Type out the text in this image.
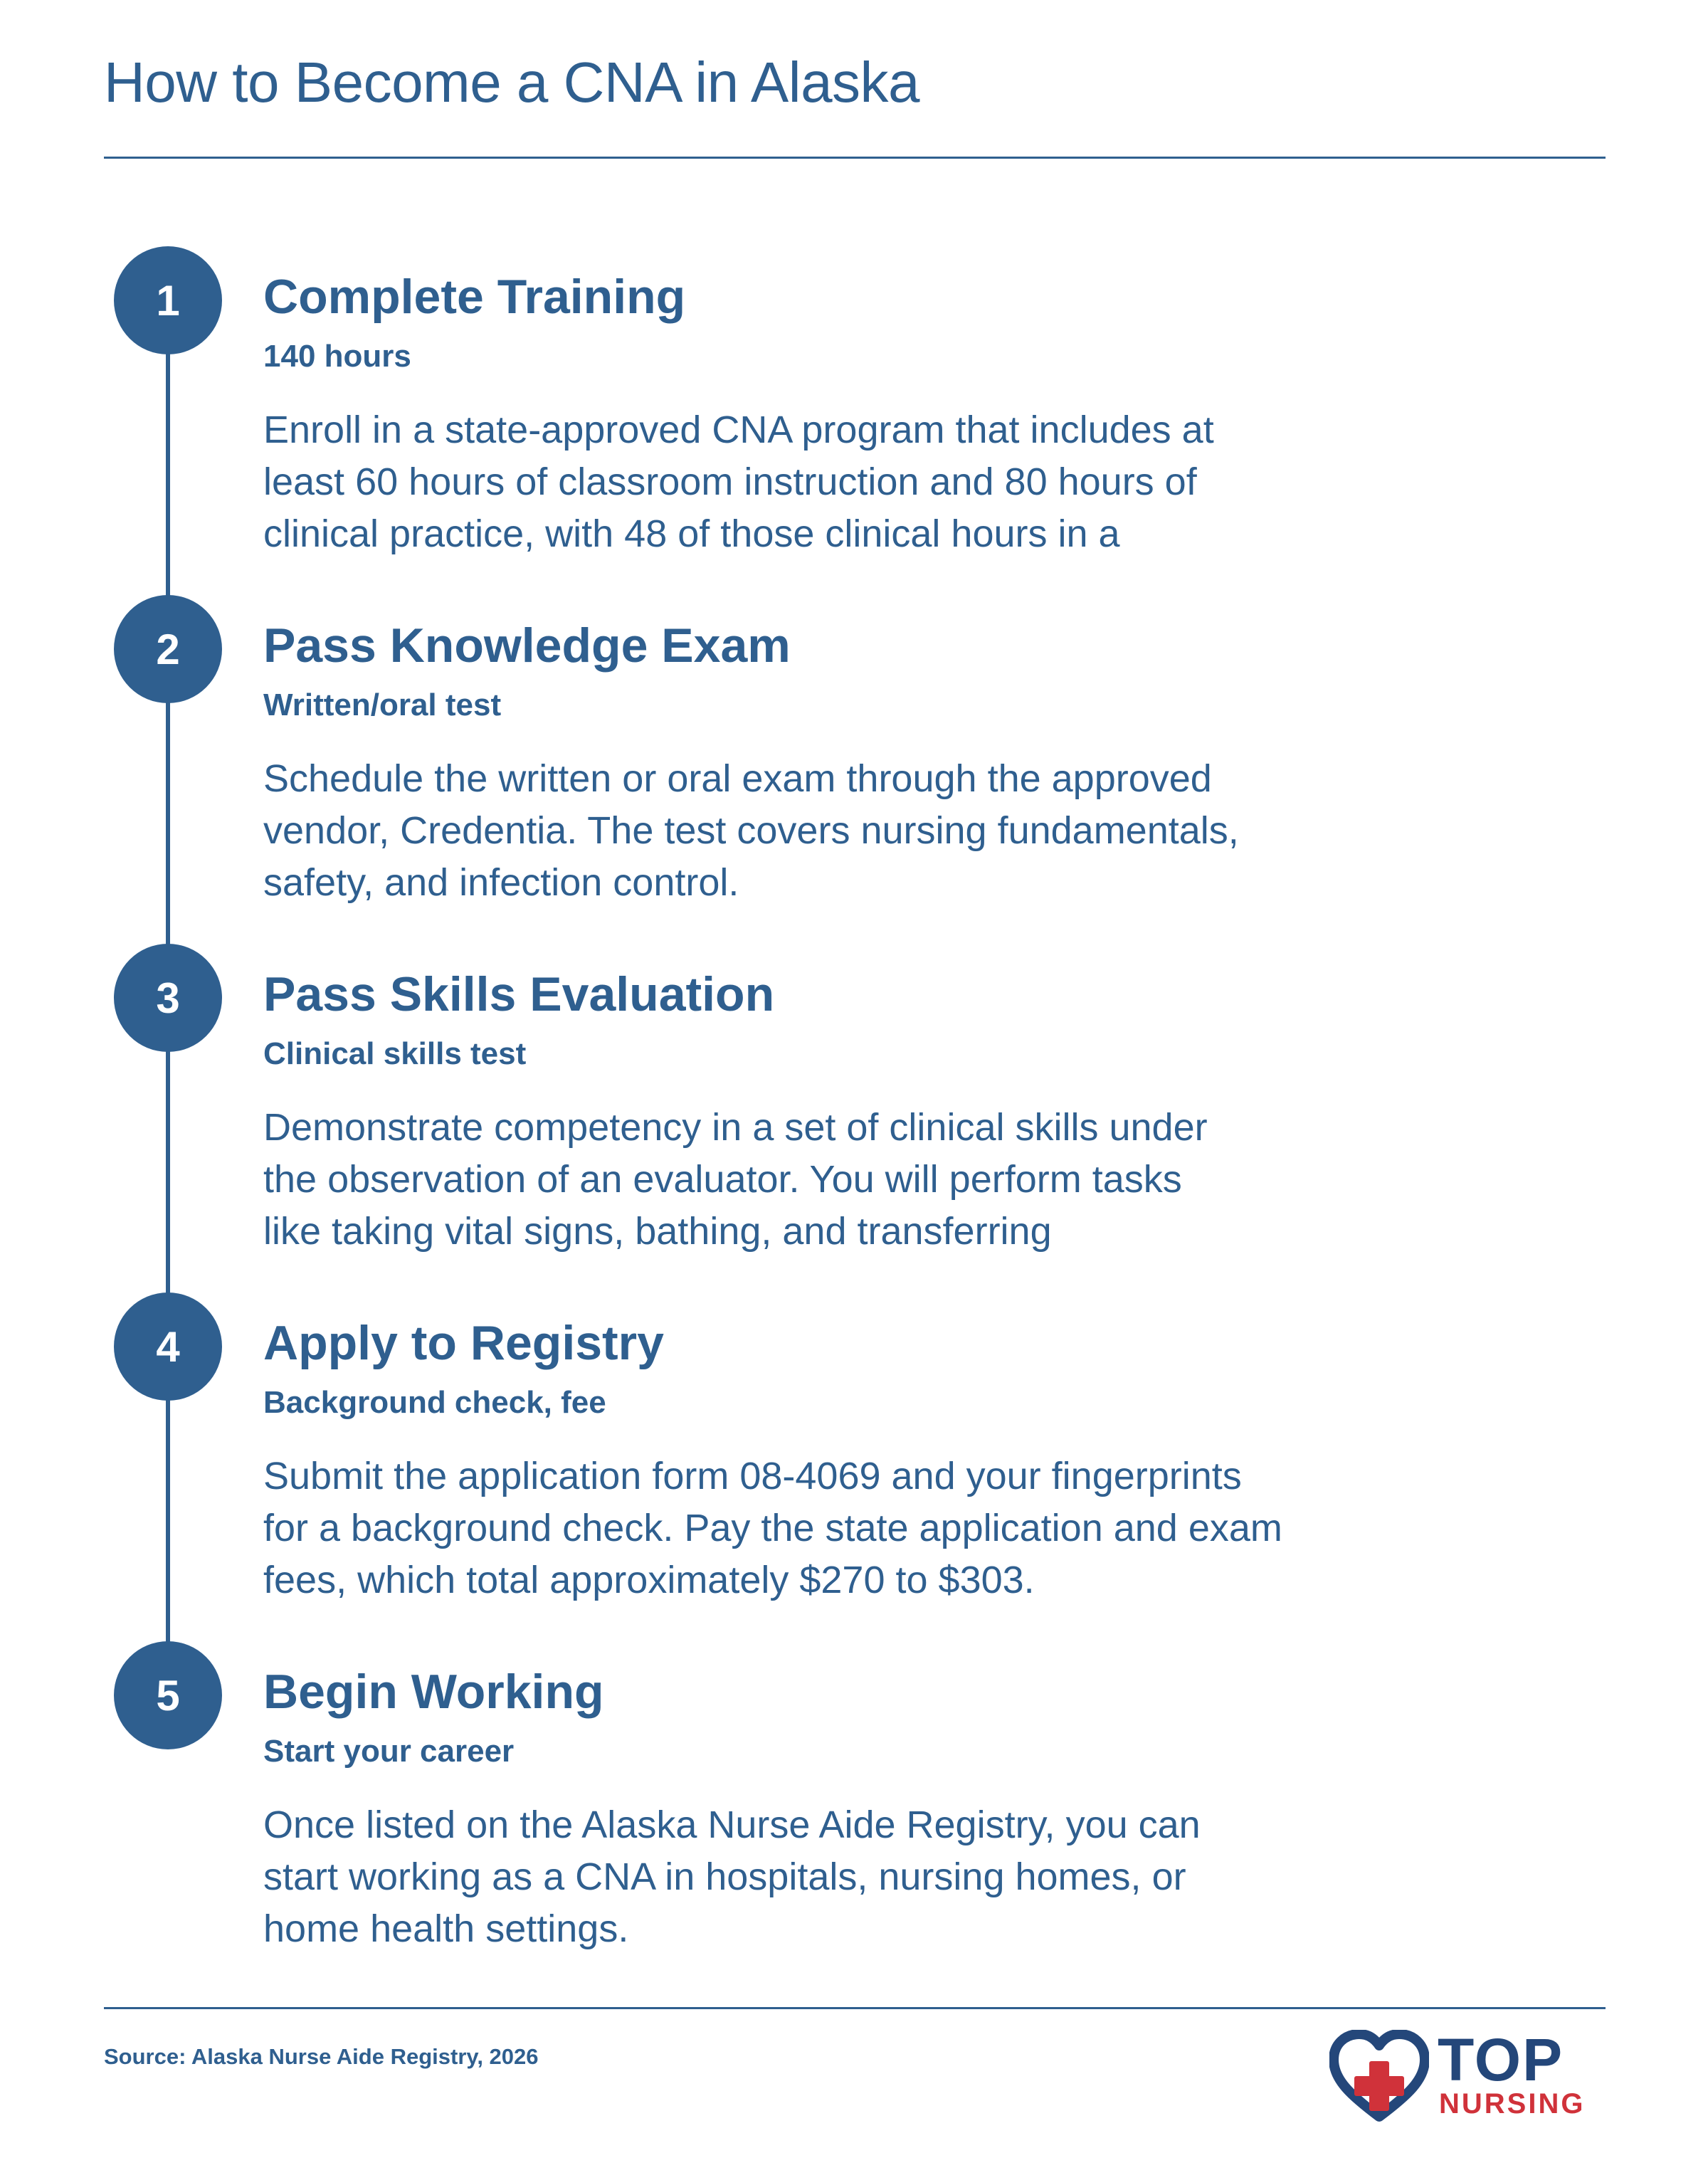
How to Become a CNA in Alaska
1	Complete Training
140 hours
Enroll in a state-approved CNA program that includes at
least 60 hours of classroom instruction and 80 hours of
clinical practice, with 48 of those clinical hours in a
2	Pass Knowledge Exam
Written/oral test
Schedule the written or oral exam through the approved
vendor, Credentia. The test covers nursing fundamentals,
safety, and infection control.
3	Pass Skills Evaluation
Clinical skills test
Demonstrate competency in a set of clinical skills under
the observation of an evaluator. You will perform tasks
like taking vital signs, bathing, and transferring
4	Apply to Registry
Background check, fee
Submit the application form 08-4069 and your fingerprints
for a background check. Pay the state application and exam
fees, which total approximately $270 to $303.
5	Begin Working
Start your career
Once listed on the Alaska Nurse Aide Registry, you can
start working as a CNA in hospitals, nursing homes, or
home health settings.
Source: Alaska Nurse Aide Registry, 2026	TOP
NURSING
